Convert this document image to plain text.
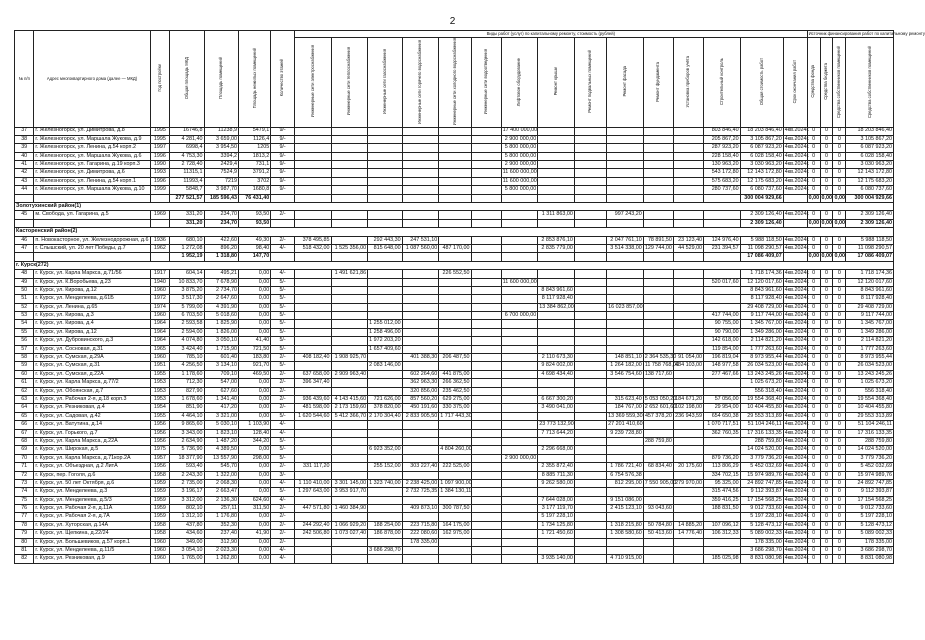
2
№ п/п	Адрес многоквартирного дома (далее — МКД)	Год постройки	Общая площадь МКД	Площадь помещений	Площадь нежилых помещений	Количество этажей	Виды работ (услуг) по капитальному ремонту, стоимость (рублей)															Источник финансирования работ по капитальному ремонту			
							Инженерные сети электроснабжения	Инженерные сети теплоснабжения	Инженерные сети газоснабжения	Инженерные сети горячего водоснабжения	Инженерные сети холодного водоснабжения	Инженерные сети водоотведения	Лифтовое оборудование	Ремонт крыши	Ремонт подвальных помещений	Ремонт фасада	Ремонт фундамента	Установка приборов учёта	Строительный контроль	Общая стоимость работ	Срок окончания работ	Средства фонда	Средства бюджета	Средства собственников помещений	Средства собственников помещений
37	г. Железногорск, ул. Димитрова, д.8	1995	16746,8	11238,9	5479,1	9/-							17 400 000,00						803 846,40	18 203 846,40	4кв.2024г.	0	0	0	18 203 846,40
38	г. Железногорск, ул. Маршала Жукова, д.9	1995	4 281,40	3 659,00	1126,4	9/-							2 900 000,00						205 867,20	3 105 867,20	4кв.2024г.	0	0	0	3 105 867,20
39	г. Железногорск, ул. Ленина, д.54 корп.2	1997	6998,4	3 954,50	1205	9/-							5 800 000,00						287 923,20	6 087 923,20	4кв.2024г.	0	0	0	6 087 923,20
40	г. Железногорск, ул. Маршала Жукова, д.6	1996	4 753,30	3394,2	1813,2	9/-							5 800 000,00						228 158,40	6 028 158,40	4кв.2024г.	0	0	0	6 028 158,40
41	г. Железногорск, ул. Гагарина, д.19 корп.3	1990	2 728,40	2429,4	731,1	9/-							2 900 000,00						130 963,20	3 030 963,20	4кв.2024г.	0	0	0	3 030 963,20
42	г. Железногорск, ул. Димитрова, д.6	1993	11315,1	7524,9	3791,2	9/-							11 600 000,00						543 172,80	12 143 172,80	4кв.2024г.	0	0	0	12 143 172,80
43	г. Железногорск, ул. Ленина, д.54 корп.1	1996	11993,4	7219	3702	9/-							11 600 000,00						575 683,20	12 175 683,20	4кв.2024г.	0	0	0	12 175 683,20
44	г. Железногорск, ул. Маршала Жукова, д.10	1999	5848,7	3 987,70	1680,8	9/-							5 800 000,00						280 737,60	6 080 737,60	4кв.2024г.	0	0	0	6 080 737,60
			277 521,57	185 596,43	76 431,40															300 004 929,66		0,00	0,00	0,00	300 004 929,66
Золотухинский район(1)																									
45	м. Свобода, ул. Гагарина, д.5	1969	331,20	234,70	93,50	2/-								1 311 863,00		997 243,20				2 309 126,40	4кв.2024г.	0	0	0	2 309 126,40
			331,20	234,70	93,50															2 309 126,40		0,00	0,00	0,00	2 309 126,40
Касторенский район(2)																									
46	п. Новокасторное, ул. Железнодорожная, д.6	1936	680,10	422,60	49,30	2/-	378 495,85		292 443,30	247 531,10				2 853 876,10		2 047 761,10	78 891,50	23 123,40	124 976,40	5 988 118,50	4кв.2024г.	0	0	0	5 988 118,50
47	г. Слышский, ул. 20 лет Победы, д.7	1962	1 272,08	896,20	98,40	4/-	518 432,00	1 525 356,00	815 648,00	1 087 560,00	487 170,00			2 835 779,00		3 514 338,00	129 744,00	44 529,00	231 394,57	11 098 290,57	4кв.2024г.	0	0	0	11 098 290,57
			1 952,19	1 318,80	147,70															17 086 409,07		0,00	0,00	0,00	17 086 409,07
г. Курск(272)																									
48	г. Курск, ул. Карла Маркса, д.71/56	1917	604,14	495,21	0,00	4/-		1 491 621,86			226 552,50									1 718 174,36	4кв.2024г.	0	0	0	1 718 174,36
49	г. Курск, ул. К.Воробьева, д.23	1940	10 833,70	7 678,90	0,00	5/-							11 600 000,00						520 017,60	12 120 017,60	4кв.2024г.	0	0	0	12 120 017,60
50	г. Курск, ул. Кирова, д.12	1960	3 875,20	2 734,70	0,00	5/-								8 843 961,60						8 843 961,60	4кв.2024г.	0	0	0	8 843 961,60
51	г. Курск, ул. Менделеева, д.61Б	1972	3 517,30	2 647,60	0,00	5/-								8 117 928,40						8 117 928,40	4кв.2024г.	0	0	0	8 117 928,40
52	г. Курск, ул. Ленина, д.65	1974	5 799,00	4 391,90	0,00	5/-								13 384 862,00		16 023 857,00				29 408 729,00	4кв.2024г.	0	0	0	29 408 729,00
53	г. Курск, ул. Кирова, д.3	1960	6 703,50	5 018,60	0,00	5/-							6 700 000,00						417 744,00	9 117 744,00	4кв.2024г.	0	0	0	9 117 744,00
54	г. Курск, ул. Кирова, д.4	1964	2 593,58	1 825,90	0,00	5/-			1 255 012,00										90 755,00	1 345 767,00	4кв.2024г.	0	0	0	1 345 767,00
55	г. Курск, ул. Кирова, д.12	1964	2 594,00	1 826,00	0,00	5/-			1 258 496,00										90 790,00	1 349 286,00	4кв.2024г.	0	0	0	1 349 286,00
56	г. Курск, ул. Дубровинского, д.3	1964	4 074,80	3 050,10	41,40	5/-			1 972 203,20										142 618,00	2 114 821,20	4кв.2024г.	0	0	0	2 114 821,20
57	г. Курск, ул. Сосновая, д.31	1965	3 424,40	1 715,90	721,50	5/-			1 657 409,60										119 854,00	1 777 263,60	4кв.2024г.	0	0	0	1 777 263,60
58	г. Курск, ул. Сумская, д.29А	1960	785,10	601,40	183,80	2/-	408 182,40	1 908 925,70		401 388,30	206 487,50			2 110 673,30		148 851,10	2 364 535,30	91 054,00	196 819,04	8 973 955,44	4кв.2024г.	0	0	0	8 973 955,44
59	г. Курск, ул. Сумская, д.31	1951	4 256,50	3 134,10	921,70	5/-			2 083 146,00					9 824 002,00		1 264 182,00	11 758 768,00	434 103,00	148 977,58	26 034 523,00	4кв.2024г.	0	0	0	26 034 523,00
60	г. Курск, ул. Сумская, д.22А	1955	1 178,60	709,10	469,50	2/-	637 658,00	2 909 963,40		602 264,60	441 875,00			4 698 434,40		3 546 754,60	138 717,60		277 467,66	13 243 245,26	4кв.2024г.	0	0	0	13 243 245,26
61	г. Курск, ул. Карла Маркса, д.77/2	1953	712,30	547,00	0,00	2/-	396 347,40			362 963,30	266 362,50									1 025 673,20	4кв.2024г.	0	0	0	1 025 673,20
62	г. Курск, ул. Обоянская, д.7	1953	827,90	627,60	0,00	2/-				320 856,00	235 462,50									556 318,40	4кв.2024г.	0	0	0	556 318,40
63	г. Курск, ул. Рабочая 2-я, д.18 корп.3	1953	1 678,60	1 341,40	0,00	2/-	936 439,60	4 143 415,60	721 626,00	857 560,20	629 275,00			6 667 300,20		315 623,40	5 053 050,20	184 671,20	57 056,00	19 554 368,40	4кв.2024г.	0	0	0	19 554 368,40
64	г. Курск, ул. Резниковая, д.4	1954	851,90	417,20	0,00	2/-	481 598,00	2 173 159,60	378 820,00	450 191,60	330 375,00			3 490 041,00		184 767,00	2 652 601,60	102 198,00	29 954,00	10 404 455,80	4кв.2024г.	0	0	0	10 404 455,80
65	г. Курск, ул. Садовая, д.42	1955	4 464,10	3 321,00	0,00	5/-	1 620 544,60	5 412 366,70	2 170 304,40	2 833 905,50	1 717 443,30					13 369 559,30	457 378,20	236 943,59	654 650,38	29 553 313,89	4кв.2024г.	0	0	0	29 553 313,89
66	г. Курск, ул. Ватутина, д.14	1956	9 865,60	5 030,10	1 103,90	4/-								23 773 132,90		27 201 410,60			1 070 717,51	51 104 246,11	4кв.2024г.	0	0	0	51 104 246,11
67	г. Курск, ул. Горького, д.7	1956	3 343,00	1 823,10	128,40	4/-								7 713 644,20		9 239 728,80			362 760,35	17 316 133,35	4кв.2024г.	0	0	0	17 316 133,35
68	г. Курск, ул. Карла Маркса, д.22А	1956	2 634,90	1 487,20	344,20	5/-											288 759,80			288 759,80	4кв.2024г.	0	0	0	288 759,80
69	г. Курск, ул. Широкая, д.5	1975	5 736,90	4 389,50	0,00	5/-			6 923 352,00		4 804 260,00			2 296 668,00						14 024 520,00	4кв.2024г.	0	0	0	14 024 520,00
70	г. Курск, ул. Карла Маркса, д.71кор.2А	1957	18 377,90	13 557,90	298,00	5/-							2 900 000,00						879 736,20	3 779 736,20	4кв.2024г.	0	0	0	3 779 736,20
71	г. Курск, ул. Объездная, д.2 ЛитА	1956	593,40	545,70	0,00	2/-	331 117,20		255 152,00	303 227,40	222 525,00			2 355 872,40		1 786 721,40	68 834,40	20 175,60	113 806,29	5 452 032,69	4кв.2024г.	0	0	0	5 452 032,69
72	г. Курск, пер. Гоголя, д.6	1958	2 243,30	1 322,00	0,00	3/-								8 885 711,30		6 754 576,38			334 702,15	15 974 989,76	4кв.2024г.	0	0	0	15 974 989,76
73	г. Курск, ул. 50 лет Октября, д.6	1959	2 735,00	2 068,30	0,00	4/-	1 110 410,00	3 301 145,00	1 323 740,00	2 238 425,00	1 097 900,00			9 262 580,00		812 295,00	7 550 905,00	279 970,00	95 325,00	24 892 747,85	4кв.2024г.	0	0	0	24 892 747,85
74	г. Курск, ул. Менделеева, д.3	1959	3 196,17	2 663,47	0,00	5/-	1 297 643,00	3 953 917,70		2 732 725,35	1 384 130,11								315 474,56	9 112 393,87	4кв.2024г.	0	0	0	9 112 393,87
75	г. Курск, ул. Менделеева, д.5/3	1959	3 312,00	2 136,30	624,60	4/-								7 644 028,00		9 151 086,00			359 416,25	17 154 568,25	4кв.2024г.	0	0	0	17 154 568,25
76	г. Курск, ул. Рабочая 2-я, д.11А	1959	802,10	257,11	311,50	2/-	447 571,80	1 460 384,90		409 873,10	300 787,50			3 177 119,70		2 415 123,10	93 043,60		188 831,50	9 012 733,60	4кв.2024г.	0	0	0	9 012 733,60
77	г. Курск, ул. Рабочая 2-я, д.7А	1959	1 312,10	1 176,80	0,00	2/-								5 197 228,10						5 197 228,10	4кв.2024г.	0	0	0	5 197 228,10
78	г. Курск, ул. Хуторская, д.14А	1958	437,80	352,30	0,00	2/-	244 292,40	1 066 929,20	188 254,00	223 715,80	164 175,00			1 734 125,80		1 318 215,80	50 784,80	14 885,20	107 096,12	5 128 473,12	4кв.2024г.	0	0	0	5 128 473,12
79	г. Курск, ул. Щепкина, д.22/24	1958	434,60	237,40	41,90	2/-	242 506,80	1 073 027,40	186 878,00	222 080,60	162 975,00			1 721 450,60		1 308 580,60	50 413,60	14 776,40	106 312,33	5 089 002,33	4кв.2024г.	0	0	0	5 089 002,33
80	г. Курск, ул. Большевиков, д.57 корп.1	1960	349,00	312,90	0,00	2/-				178 335,00										178 335,00	4кв.2024г.	0	0	0	178 335,00
81	г. Курск, ул. Менделеева, д.11/5	1960	3 054,10	2 023,30	0,00	4/-			3 686 298,70											3 686 298,70	4кв.2024г.	0	0	0	3 686 298,70
82	г. Курск, ул. Резниковая, д.9	1960	1 765,00	1 262,80	0,00	4/-								3 935 140,00		4 710 915,00			185 025,98	8 831 080,98	4кв.2024г.	0	0	0	8 831 080,98
